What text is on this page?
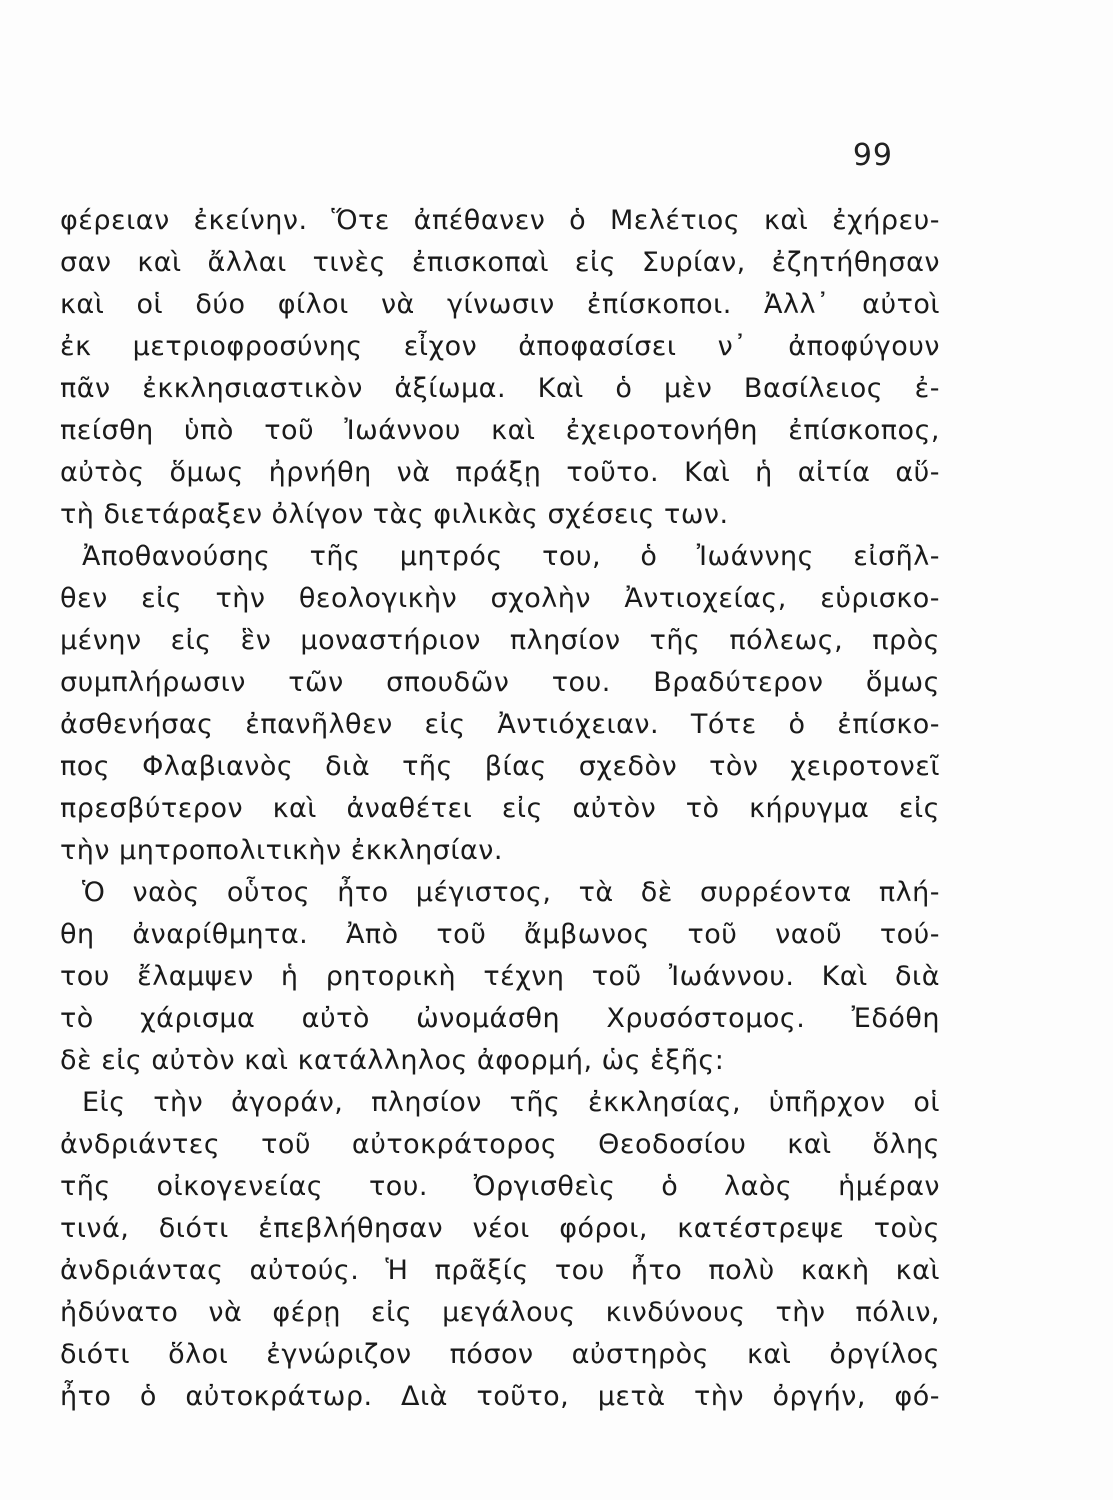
99
φέρειαν ἐκείνην. Ὅτε ἀπέθανεν ὁ Μελέτιος καὶ ἐχήρευ-
σαν καὶ ἄλλαι τινὲς ἐπισκοπαὶ εἰς Συρίαν, ἐζητήθησαν
καὶ οἱ δύο φίλοι νὰ γίνωσιν ἐπίσκοποι. Ἀλλ᾽ αὐτοὶ
ἐκ μετριοφροσύνης εἶχον ἀποφασίσει ν᾽ ἀποφύγουν
πᾶν ἐκκλησιαστικὸν ἀξίωμα. Καὶ ὁ μὲν Βασίλειος ἐ-
πείσθη ὑπὸ τοῦ Ἰωάννου καὶ ἐχειροτονήθη ἐπίσκοπος,
αὐτὸς ὅμως ἠρνήθη νὰ πράξῃ τοῦτο. Καὶ ἡ αἰτία αὕ-
τὴ διετάραξεν ὀλίγον τὰς φιλικὰς σχέσεις των.
Ἀποθανούσης τῆς μητρός του, ὁ Ἰωάννης εἰσῆλ-
θεν εἰς τὴν θεολογικὴν σχολὴν Ἀντιοχείας, εὑρισκο-
μένην εἰς ἓν μοναστήριον πλησίον τῆς πόλεως, πρὸς
συμπλήρωσιν τῶν σπουδῶν του. Βραδύτερον ὅμως
ἀσθενήσας ἐπανῆλθεν εἰς Ἀντιόχειαν. Τότε ὁ ἐπίσκο-
πος Φλαβιανὸς διὰ τῆς βίας σχεδὸν τὸν χειροτονεῖ
πρεσβύτερον καὶ ἀναθέτει εἰς αὐτὸν τὸ κήρυγμα εἰς
τὴν μητροπολιτικὴν ἐκκλησίαν.
Ὁ ναὸς οὗτος ἦτο μέγιστος, τὰ δὲ συρρέοντα πλή-
θη ἀναρίθμητα. Ἀπὸ τοῦ ἄμβωνος τοῦ ναοῦ τού-
του ἔλαμψεν ἡ ρητορικὴ τέχνη τοῦ Ἰωάννου. Καὶ διὰ
τὸ χάρισμα αὐτὸ ὠνομάσθη Χρυσόστομος. Ἐδόθη
δὲ εἰς αὐτὸν καὶ κατάλληλος ἀφορμή, ὡς ἑξῆς:
Εἰς τὴν ἀγοράν, πλησίον τῆς ἐκκλησίας, ὑπῆρχον οἱ
ἀνδριάντες τοῦ αὐτοκράτορος Θεοδοσίου καὶ ὅλης
τῆς οἰκογενείας του. Ὀργισθεὶς ὁ λαὸς ἡμέραν
τινά, διότι ἐπεβλήθησαν νέοι φόροι, κατέστρεψε τοὺς
ἀνδριάντας αὐτούς. Ἡ πρᾶξίς του ἦτο πολὺ κακὴ καὶ
ἠδύνατο νὰ φέρῃ εἰς μεγάλους κινδύνους τὴν πόλιν,
διότι ὅλοι ἐγνώριζον πόσον αὐστηρὸς καὶ ὀργίλος
ἦτο ὁ αὐτοκράτωρ. Διὰ τοῦτο, μετὰ τὴν ὀργήν, φό-
